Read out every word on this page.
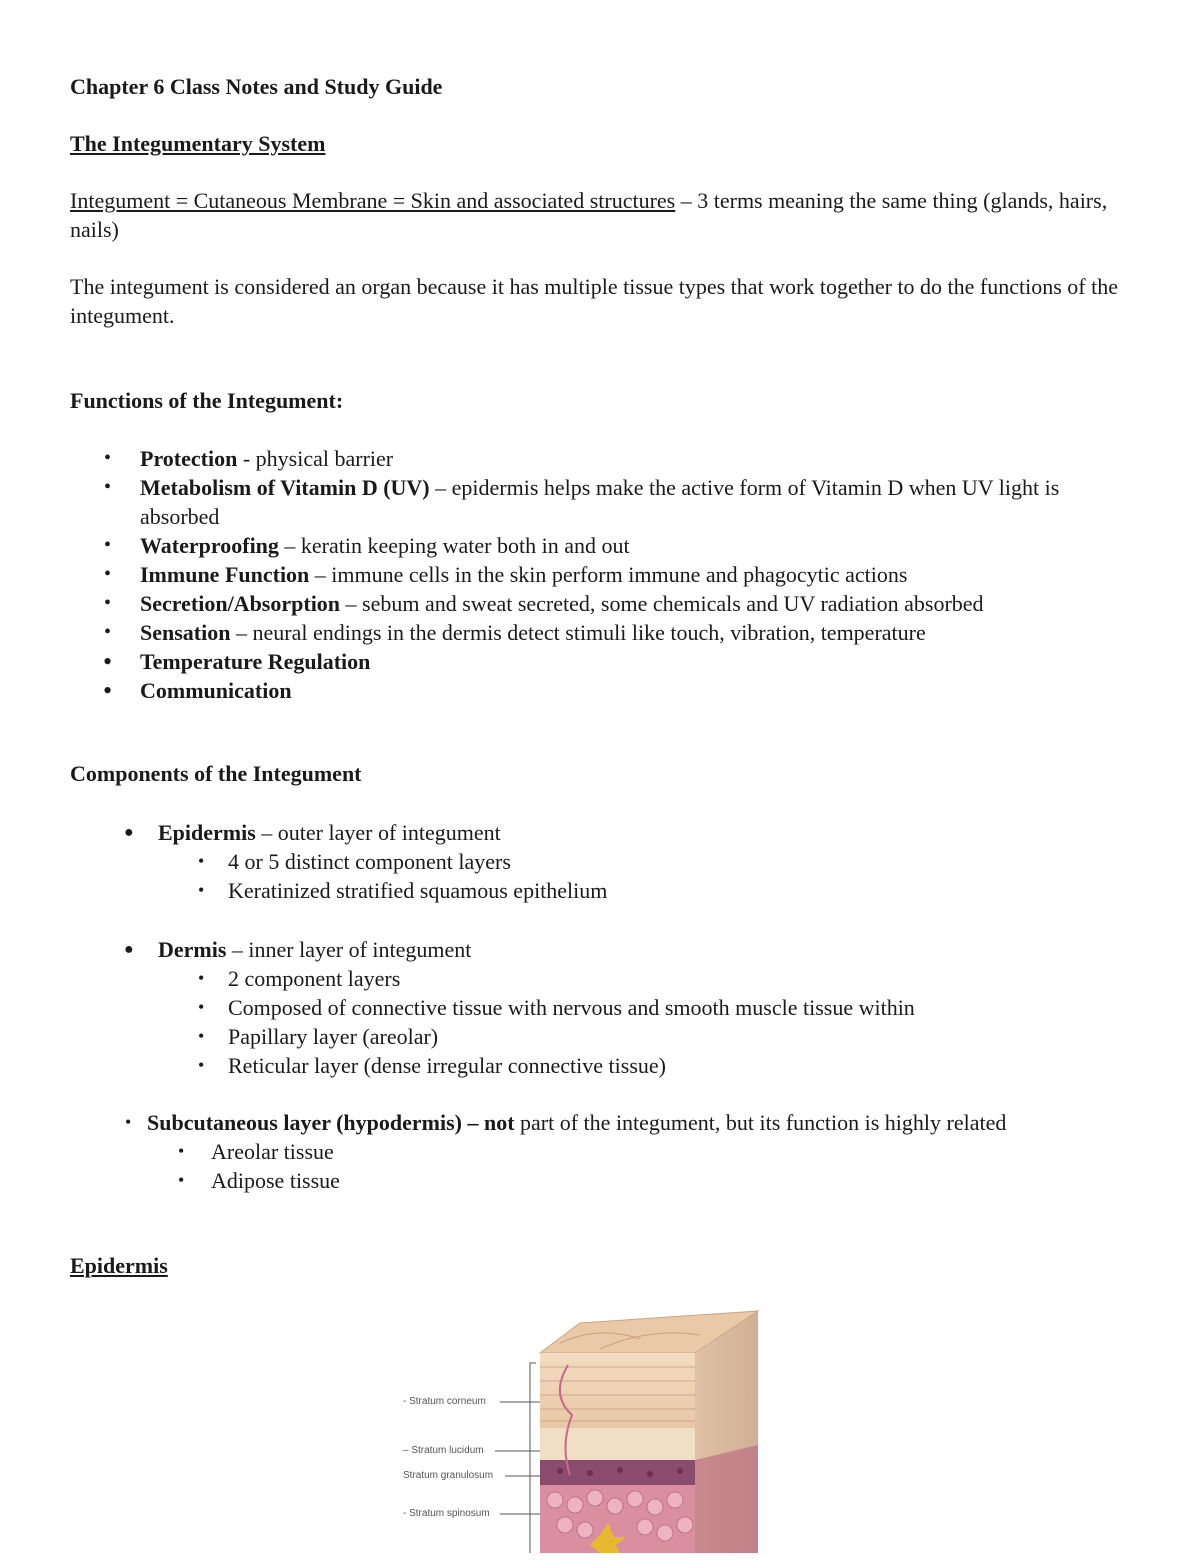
Chapter 6 Class Notes and Study Guide

The Integumentary System

Integument = Cutaneous Membrane = Skin and associated structures – 3 terms meaning the same thing (glands, hairs, nails)

The integument is considered an organ because it has multiple tissue types that work together to do the functions of the integument.

Functions of the Integument:

• Protection - physical barrier
• Metabolism of Vitamin D (UV) – epidermis helps make the active form of Vitamin D when UV light is absorbed
• Waterproofing – keratin keeping water both in and out
• Immune Function – immune cells in the skin perform immune and phagocytic actions
• Secretion/Absorption – sebum and sweat secreted, some chemicals and UV radiation absorbed
• Sensation – neural endings in the dermis detect stimuli like touch, vibration, temperature
• Temperature Regulation
• Communication

Components of the Integument

● Epidermis – outer layer of integument
• 4 or 5 distinct component layers
• Keratinized stratified squamous epithelium
● Dermis – inner layer of integument
• 2 component layers
• Composed of connective tissue with nervous and smooth muscle tissue within
• Papillary layer (areolar)
• Reticular layer (dense irregular connective tissue)
• Subcutaneous layer (hypodermis) – not part of the integument, but its function is highly related
• Areolar tissue
• Adipose tissue

Epidermis

- Stratum corneum
– Stratum lucidum
Stratum granulosum
- Stratum spinosum
